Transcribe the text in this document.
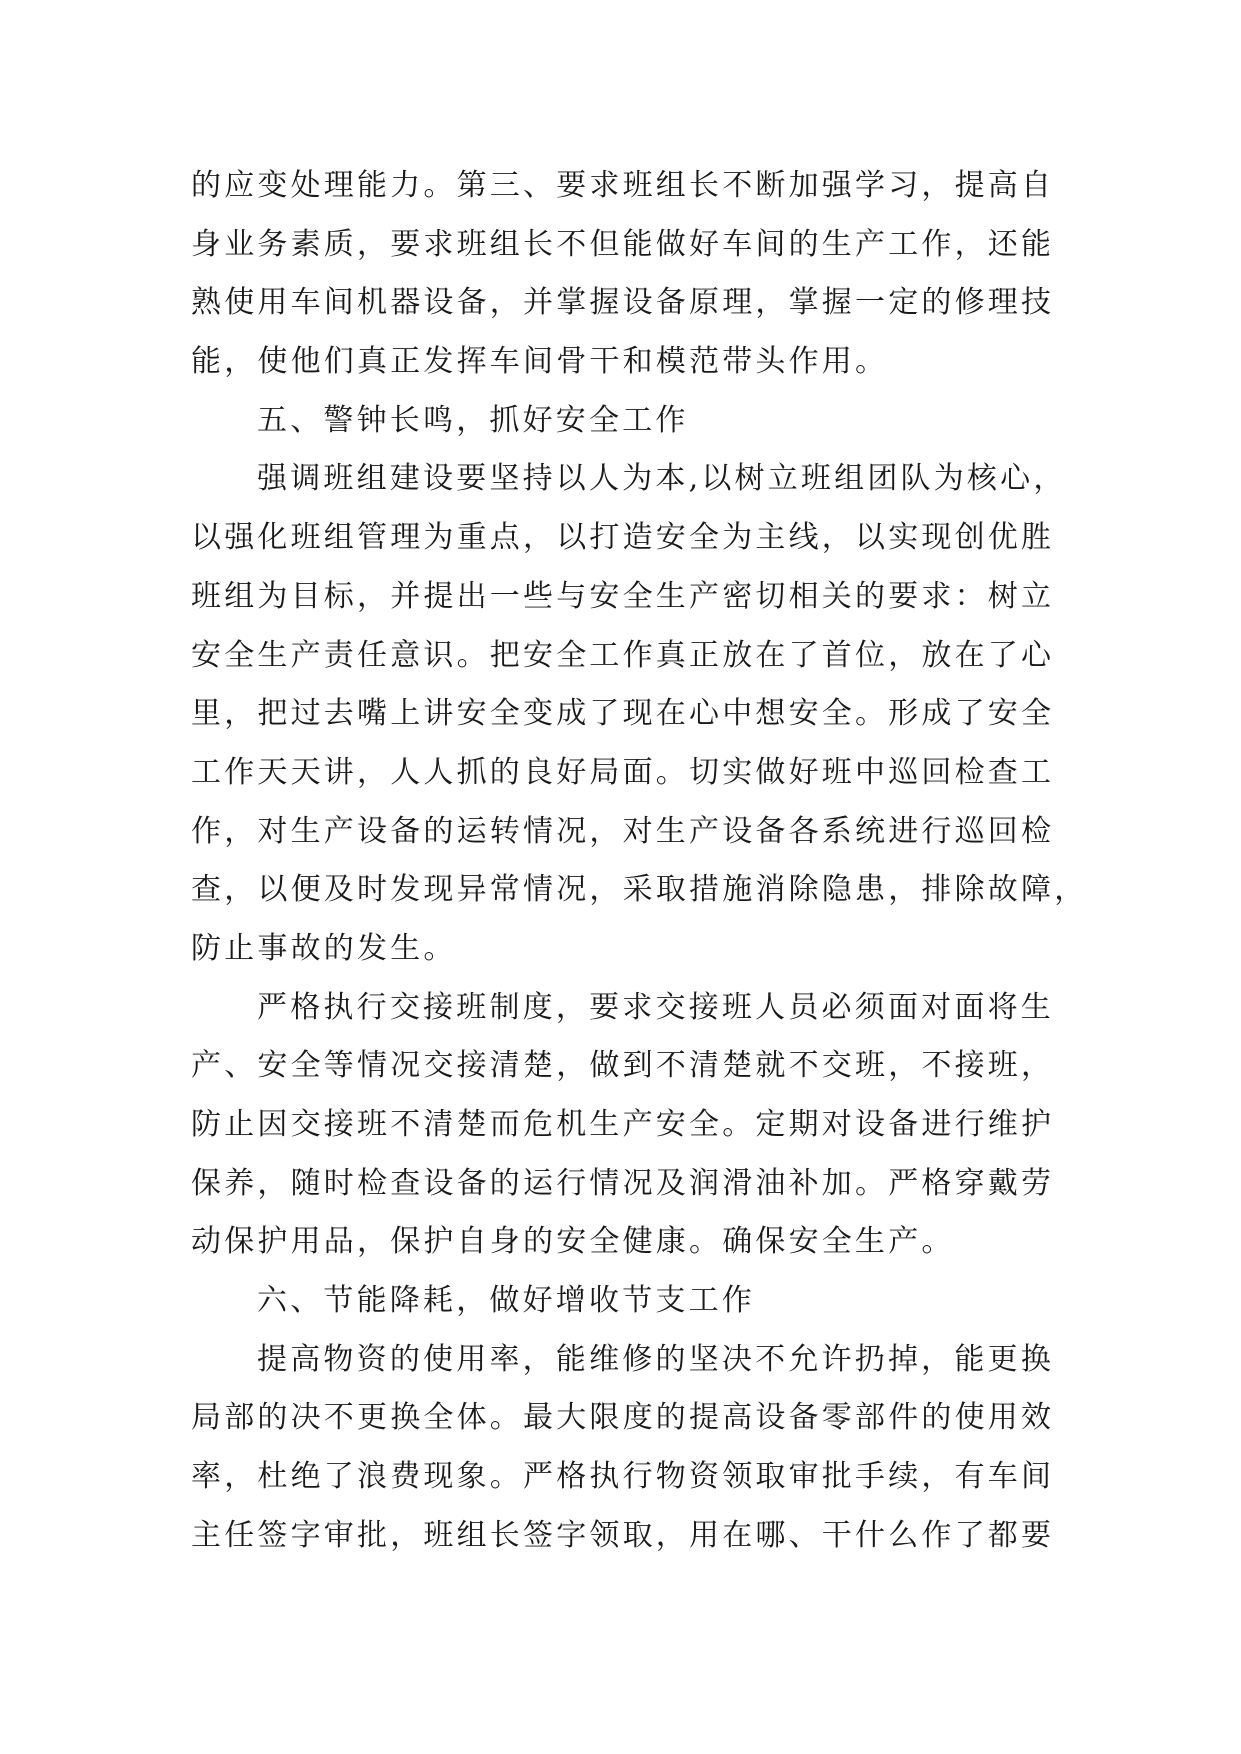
的应变处理能力。第三、要求班组长不断加强学习，提高自
身业务素质，要求班组长不但能做好车间的生产工作，还能
熟使用车间机器设备，并掌握设备原理，掌握一定的修理技
能，使他们真正发挥车间骨干和模范带头作用。
五、警钟长鸣，抓好安全工作
强调班组建设要坚持以人为本,以树立班组团队为核心，
以强化班组管理为重点，以打造安全为主线，以实现创优胜
班组为目标，并提出一些与安全生产密切相关的要求：树立
安全生产责任意识。把安全工作真正放在了首位，放在了心
里，把过去嘴上讲安全变成了现在心中想安全。形成了安全
工作天天讲，人人抓的良好局面。切实做好班中巡回检查工
作，对生产设备的运转情况，对生产设备各系统进行巡回检
查，以便及时发现异常情况，采取措施消除隐患，排除故障，
防止事故的发生。
严格执行交接班制度，要求交接班人员必须面对面将生
产、安全等情况交接清楚，做到不清楚就不交班，不接班，
防止因交接班不清楚而危机生产安全。定期对设备进行维护
保养，随时检查设备的运行情况及润滑油补加。严格穿戴劳
动保护用品，保护自身的安全健康。确保安全生产。
六、节能降耗，做好增收节支工作
提高物资的使用率，能维修的坚决不允许扔掉，能更换
局部的决不更换全体。最大限度的提高设备零部件的使用效
率，杜绝了浪费现象。严格执行物资领取审批手续，有车间
主任签字审批，班组长签字领取，用在哪、干什么作了都要
